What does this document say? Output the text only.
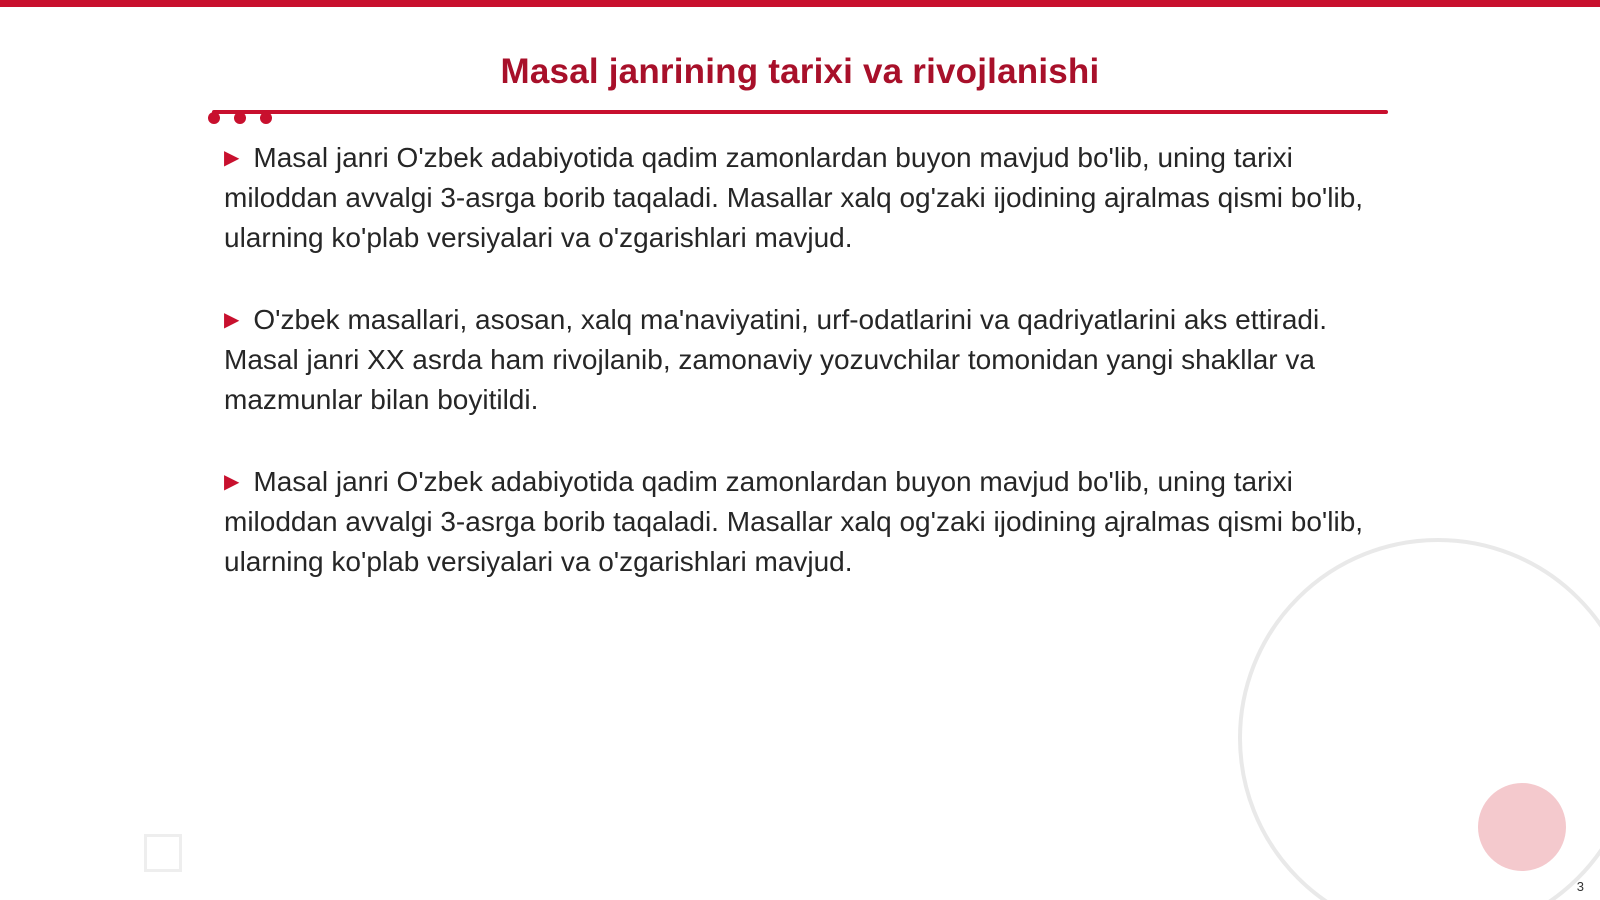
Masal janrining tarixi va rivojlanishi

▶ Masal janri O'zbek adabiyotida qadim zamonlardan buyon mavjud bo'lib, uning tarixi miloddan avvalgi 3-asrga borib taqaladi. Masallar xalq og'zaki ijodining ajralmas qismi bo'lib, ularning ko'plab versiyalari va o'zgarishlari mavjud.

▶ O'zbek masallari, asosan, xalq ma'naviyatini, urf-odatlarini va qadriyatlarini aks ettiradi. Masal janri XX asrda ham rivojlanib, zamonaviy yozuvchilar tomonidan yangi shakllar va mazmunlar bilan boyitildi.

▶ Masal janri O'zbek adabiyotida qadim zamonlardan buyon mavjud bo'lib, uning tarixi miloddan avvalgi 3-asrga borib taqaladi. Masallar xalq og'zaki ijodining ajralmas qismi bo'lib, ularning ko'plab versiyalari va o'zgarishlari mavjud.

3
